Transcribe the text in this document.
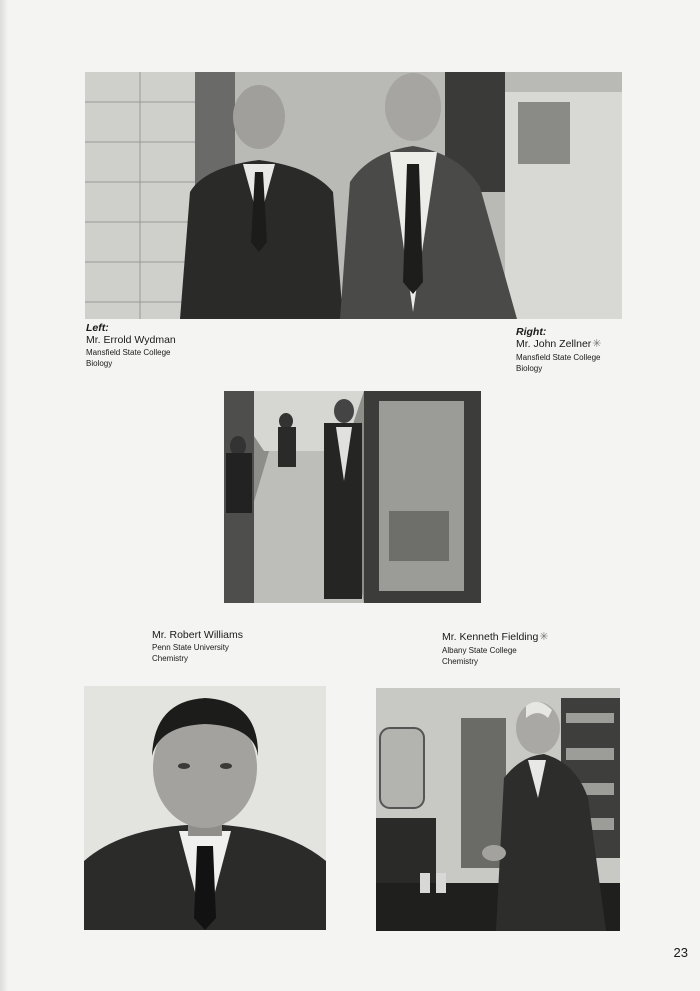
Left:
Mr. Errold Wydman
Mansfield State College
Biology
Right:
Mr. John Zellner✳
Mansfield State College
Biology
Mr. Robert Williams
Penn State University
Chemistry
Mr. Kenneth Fielding✳
Albany State College
Chemistry
23
